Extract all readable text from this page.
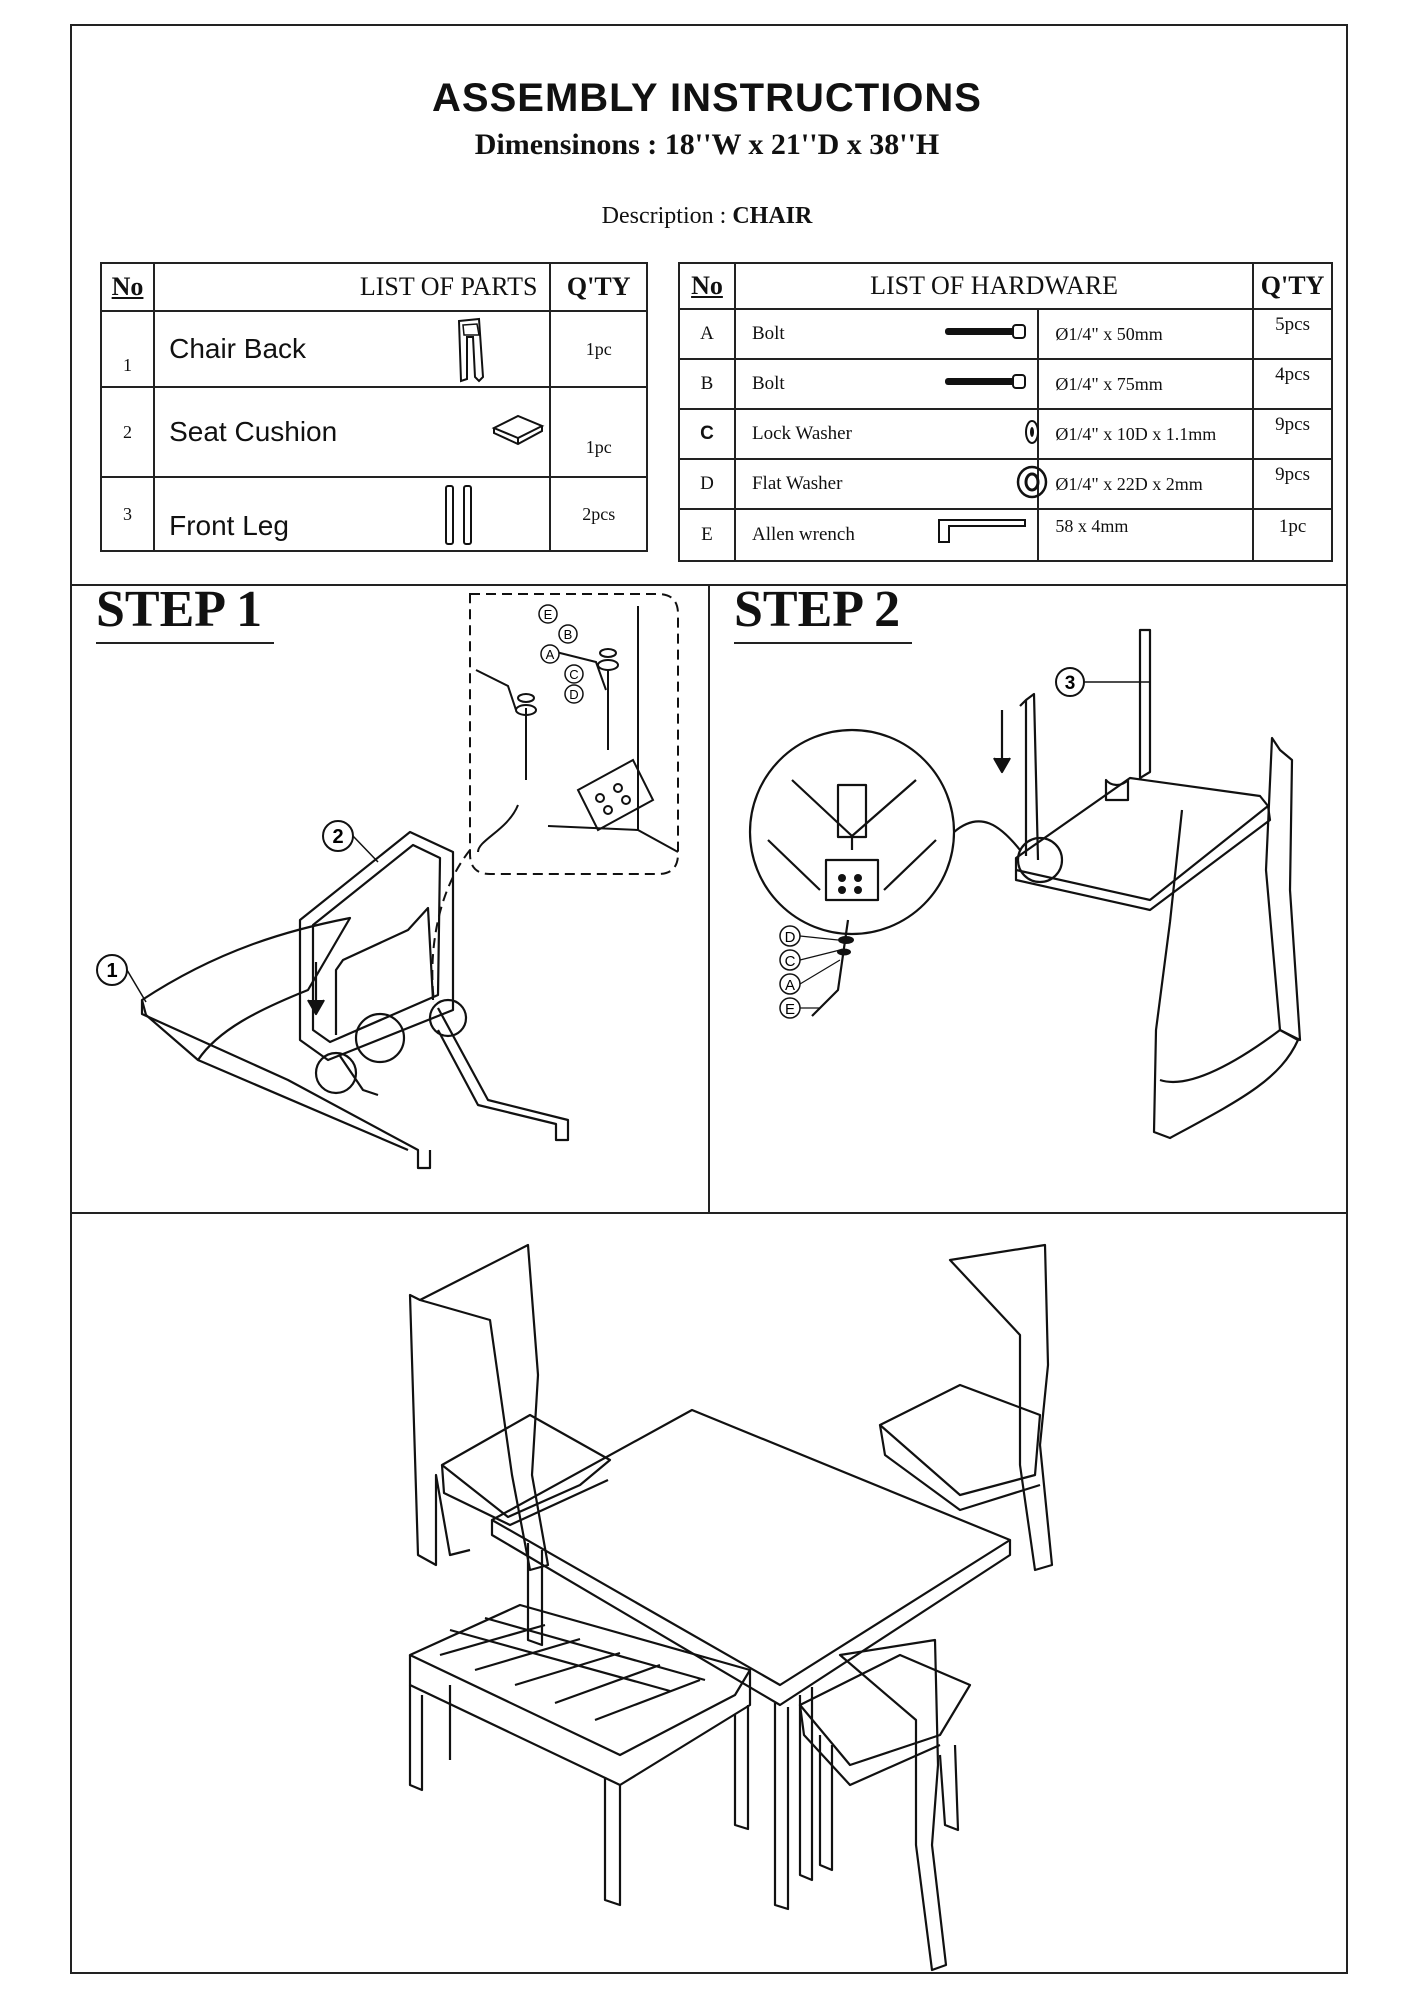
ASSEMBLY INSTRUCTIONS
Dimensinons : 18''W x 21''D x 38''H
Description : CHAIR
No	LIST OF PARTS	Q'TY
1	Chair Back	1pc
2	Seat Cushion	1pc
3	Front Leg	2pcs
No	LIST OF HARDWARE		Q'TY
A	Bolt	Ø1/4" x 50mm	5pcs
B	Bolt	Ø1/4" x 75mm	4pcs
C	Lock Washer	Ø1/4" x 10D x 1.1mm	9pcs
D	Flat Washer	Ø1/4" x 22D x 2mm	9pcs
E	Allen wrench	58 x 4mm	1pc
STEP 1	STEP 2
1
2
E
B
A
C
D
3
D
C
A
E
